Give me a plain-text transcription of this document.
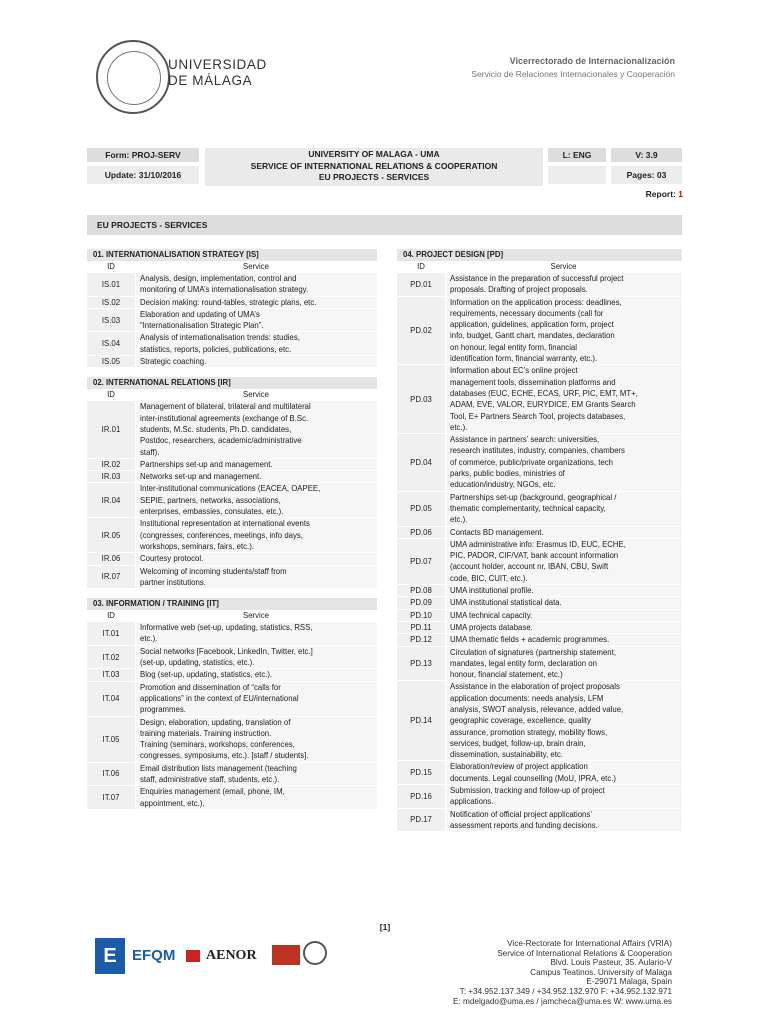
UNIVERSIDAD
DE MÁLAGA
Vicerrectorado de Internacionalización
Servicio de Relaciones Internacionales y Cooperación
Form: PROJ-SERV
Update: 31/10/2016
UNIVERSITY OF MALAGA - UMA
SERVICE OF INTERNATIONAL RELATIONS & COOPERATION
EU PROJECTS - SERVICES
L: ENG	V: 3.9
Pages: 03
Report: 1
EU PROJECTS - SERVICES
01. INTERNATIONALISATION STRATEGY [IS]
ID	Service
IS.01
Analysis, design, implementation, control and
monitoring of UMA’s internationalisation strategy.
IS.02	Decision making: round-tables, strategic plans, etc.
IS.03
Elaboration and updating of UMA’s
“Internationalisation Strategic Plan”.
IS.04
Analysis of internationalisation trends: studies,
statistics, reports, policies, publications, etc.
IS.05	Strategic coaching.
02. INTERNATIONAL RELATIONS [IR]
ID	Service
IR.01
Management of bilateral, trilateral and multilateral
inter-institutional agreements (exchange of B.Sc.
students, M.Sc. students, Ph.D. candidates,
Postdoc, researchers, academic/administrative
staff).
IR.02	Partnerships set-up and management.
IR.03	Networks set-up and management.
IR.04
Inter-institutional communications (EACEA, OAPEE,
SEPIE, partners, networks, associations,
enterprises, embassies, consulates, etc.).
IR.05
Institutional representation at international events
(congresses, conferences, meetings, info days,
workshops, seminars, fairs, etc.).
IR.06	Courtesy protocol.
IR.07
Welcoming of incoming students/staff from
partner institutions.
03. INFORMATION / TRAINING [IT]
ID	Service
IT.01
Informative web (set-up, updating, statistics, RSS,
etc.).
IT.02
Social networks [Facebook, LinkedIn, Twitter, etc.]
(set-up, updating, statistics, etc.).
IT.03	Blog (set-up, updating, statistics, etc.).
IT.04
Promotion and dissemination of “calls for
applications” in the context of EU/international
programmes.
IT.05
Design, elaboration, updating, translation of
training materials. Training instruction.
Training (seminars, workshops, conferences,
congresses, symposiums, etc.). [staff / students].
IT.06
Email distribution lists management (teaching
staff, administrative staff, students, etc.).
IT.07
Enquiries management (email, phone, IM,
appointment, etc.).
04. PROJECT DESIGN [PD]
ID	Service
PD.01
Assistance in the preparation of successful project
proposals. Drafting of project proposals.
PD.02
Information on the application process: deadlines,
requirements, necessary documents (call for
application, guidelines, application form, project
info, budget, Gantt chart, mandates, declaration
on honour, legal entity form, financial
identification form, financial warranty, etc.).
PD.03
Information about EC’s online project
management tools, dissemination platforms and
databases (EUC, ECHE, ECAS, URF, PIC, EMT, MT+,
ADAM, EVE, VALOR, EURYDICE, EM Grants Search
Tool, E+ Partners Search Tool, projects databases,
etc.).
PD.04
Assistance in partners’ search: universities,
research institutes, industry, companies, chambers
of commerce, public/private organizations, tech
parks, public bodies, ministries of
education/industry, NGOs, etc.
PD.05
Partnerships set-up (background, geographical /
thematic complementarity, technical capacity,
etc.).
PD.06	Contacts BD management.
PD.07
UMA administrative info: Erasmus ID, EUC, ECHE,
PIC, PADOR, CIF/VAT, bank account information
(account holder, account nr, IBAN, CBU, Swift
code, BIC, CUIT, etc.).
PD.08	UMA institutional profile.
PD.09	UMA institutional statistical data.
PD.10	UMA technical capacity.
PD.11	UMA projects database.
PD.12	UMA thematic fields + academic programmes.
PD.13
Circulation of signatures (partnership statement,
mandates, legal entity form, declaration on
honour, financial statement, etc.)
PD.14
Assistance in the elaboration of project proposals
application documents: needs analysis, LFM
analysis, SWOT analysis, relevance, added value,
geographic coverage, excellence, quality
assurance, promotion strategy, mobility flows,
services, budget, follow-up, brain drain,
dissemination, sustainability, etc.
PD.15
Elaboration/review of project application
documents. Legal counselling (MoU, IPRA, etc.)
PD.16
Submission, tracking and follow-up of project
applications.
PD.17
Notification of official project applications’
assessment reports and funding decisions.
[1]
E	EFQM AENOR
Vice-Rectorate for International Affairs (VRIA)
Service of International Relations & Cooperation
Blvd. Louis Pasteur, 35. Aulario-V
Campus Teatinos. University of Malaga
E-29071 Malaga, Spain
T: +34.952.137.349 / +34.952.132.970 F: +34.952.132.971
E: mdelgado@uma.es / jamcheca@uma.es W: www.uma.es
